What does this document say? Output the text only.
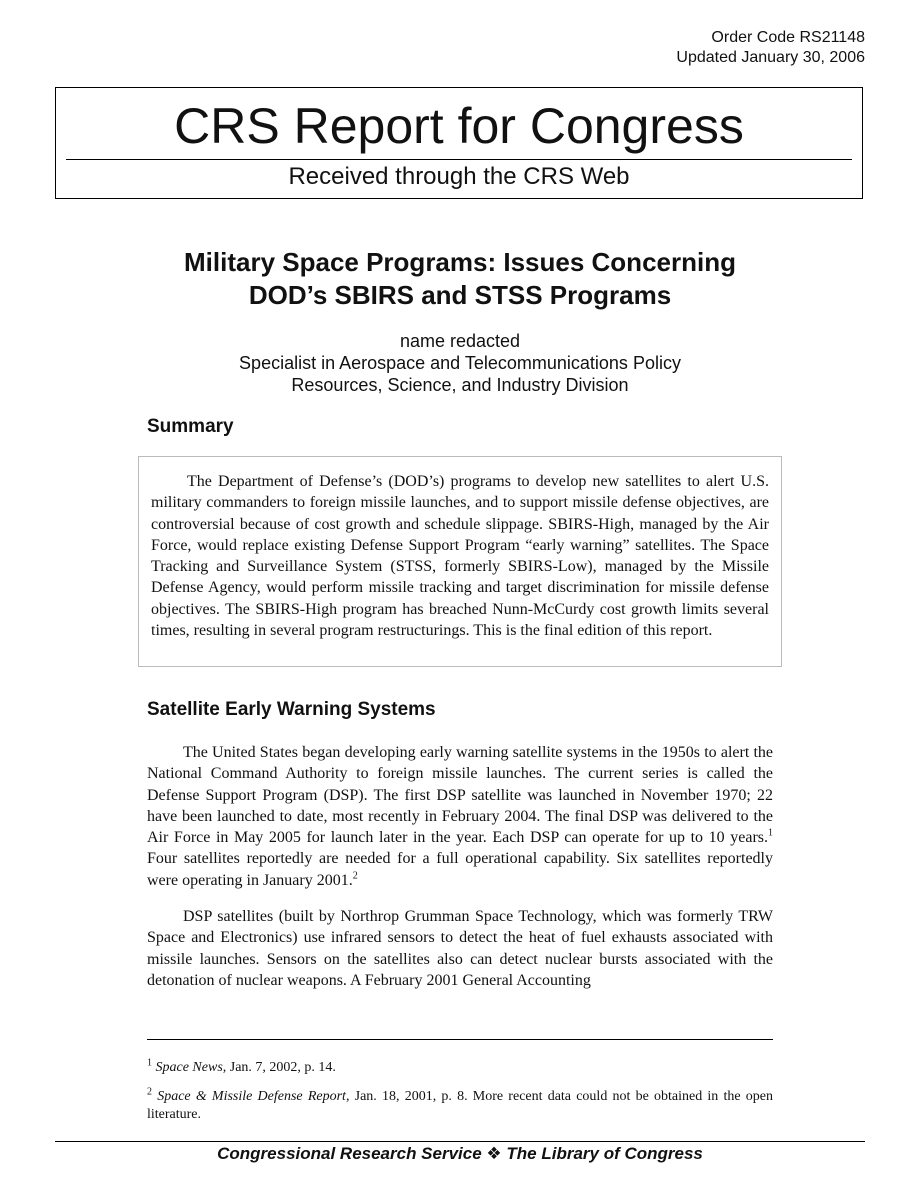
Order Code RS21148
Updated January 30, 2006
CRS Report for Congress
Received through the CRS Web
Military Space Programs: Issues Concerning
DOD’s SBIRS and STSS Programs
name redacted
Specialist in Aerospace and Telecommunications Policy
Resources, Science, and Industry Division
Summary

The Department of Defense’s (DOD’s) programs to develop new satellites to alert U.S. military commanders to foreign missile launches, and to support missile defense objectives, are controversial because of cost growth and schedule slippage. SBIRS-High, managed by the Air Force, would replace existing Defense Support Program “early warning” satellites. The Space Tracking and Surveillance System (STSS, formerly SBIRS-Low), managed by the Missile Defense Agency, would perform missile tracking and target discrimination for missile defense objectives. The SBIRS-High program has breached Nunn-McCurdy cost growth limits several times, resulting in several program restructurings. This is the final edition of this report.

Satellite Early Warning Systems

The United States began developing early warning satellite systems in the 1950s to alert the National Command Authority to foreign missile launches. The current series is called the Defense Support Program (DSP). The first DSP satellite was launched in November 1970; 22 have been launched to date, most recently in February 2004. The final DSP was delivered to the Air Force in May 2005 for launch later in the year. Each DSP can operate for up to 10 years.$^1$ Four satellites reportedly are needed for a full operational capability. Six satellites reportedly were operating in January 2001.$^2$

DSP satellites (built by Northrop Grumman Space Technology, which was formerly TRW Space and Electronics) use infrared sensors to detect the heat of fuel exhausts associated with missile launches. Sensors on the satellites also can detect nuclear bursts associated with the detonation of nuclear weapons. A February 2001 General Accounting

$^1$ Space News, Jan. 7, 2002, p. 14.

$^2$ Space & Missile Defense Report, Jan. 18, 2001, p. 8. More recent data could not be obtained in the open literature.

Congressional Research Service ❖ The Library of Congress
